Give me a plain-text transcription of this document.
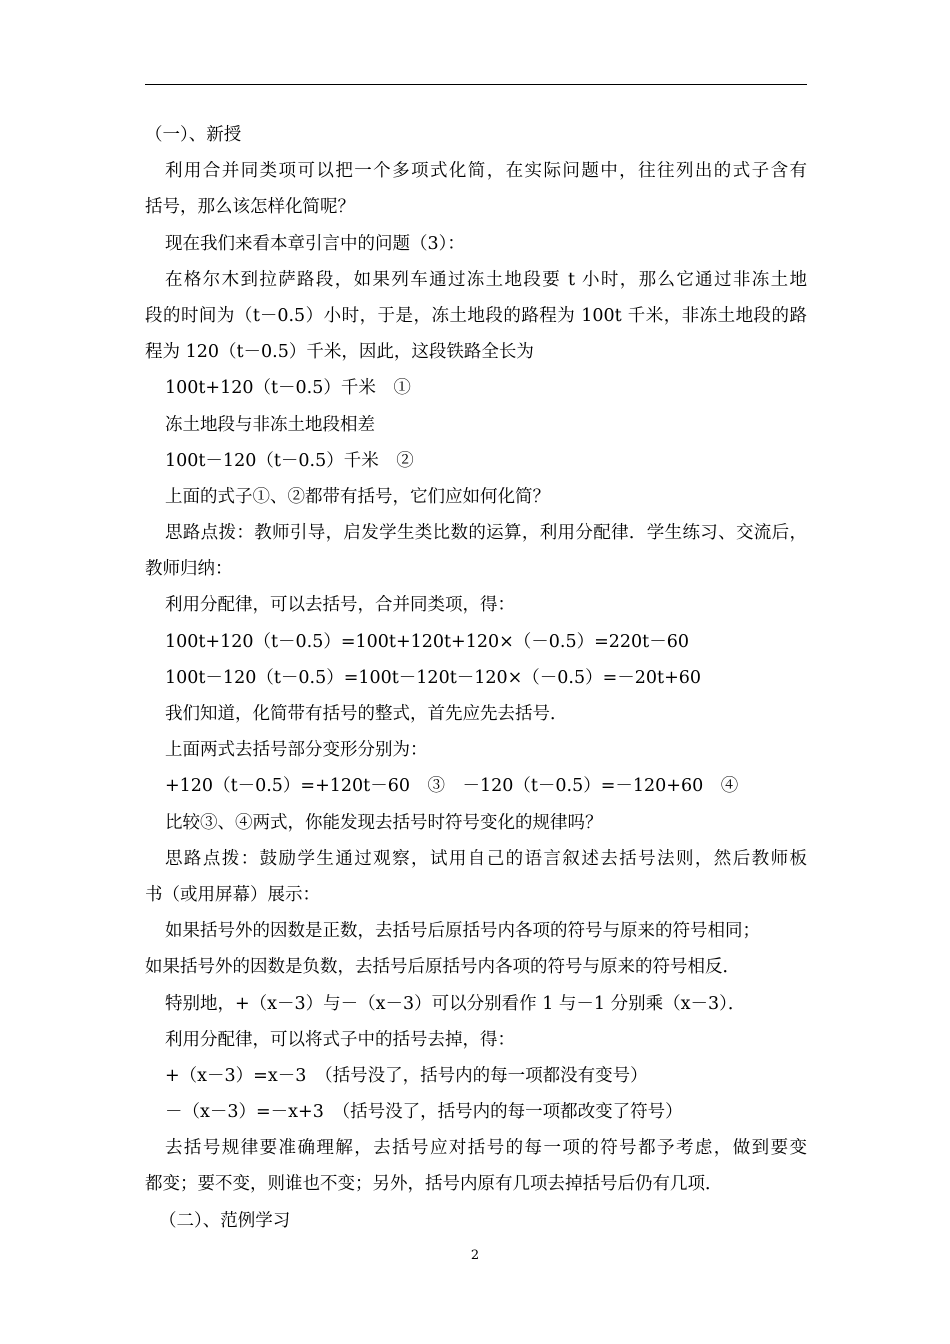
（一）、新授
利用合并同类项可以把一个多项式化简，在实际问题中，往往列出的式子含有
括号，那么该怎样化简呢？
现在我们来看本章引言中的问题（3）：
在格尔木到拉萨路段，如果列车通过冻土地段要 t 小时，那么它通过非冻土地
段的时间为（t－0.5）小时，于是，冻土地段的路程为 100t 千米，非冻土地段的路
程为 120（t－0.5）千米，因此，这段铁路全长为
100t+120（t－0.5）千米　①
冻土地段与非冻土地段相差
100t－120（t－0.5）千米　②
上面的式子①、②都带有括号，它们应如何化简？
思路点拨：教师引导，启发学生类比数的运算，利用分配律．学生练习、交流后，
教师归纳：
利用分配律，可以去括号，合并同类项，得：
100t+120（t－0.5）=100t+120t+120×（－0.5）=220t－60
100t－120（t－0.5）=100t－120t－120×（－0.5）=－20t+60
我们知道，化简带有括号的整式，首先应先去括号．
上面两式去括号部分变形分别为：
+120（t－0.5）=+120t－60　③　－120（t－0.5）=－120+60　④
比较③、④两式，你能发现去括号时符号变化的规律吗？
思路点拨：鼓励学生通过观察，试用自己的语言叙述去括号法则，然后教师板
书（或用屏幕）展示：
如果括号外的因数是正数，去括号后原括号内各项的符号与原来的符号相同；
如果括号外的因数是负数，去括号后原括号内各项的符号与原来的符号相反．
特别地，+（x－3）与－（x－3）可以分别看作 1 与－1 分别乘（x－3）．
利用分配律，可以将式子中的括号去掉，得：
+（x－3）=x－3　（括号没了，括号内的每一项都没有变号）
－（x－3）=－x+3　（括号没了，括号内的每一项都改变了符号）
去括号规律要准确理解，去括号应对括号的每一项的符号都予考虑，做到要变
都变；要不变，则谁也不变；另外，括号内原有几项去掉括号后仍有几项．
（二）、范例学习
2
